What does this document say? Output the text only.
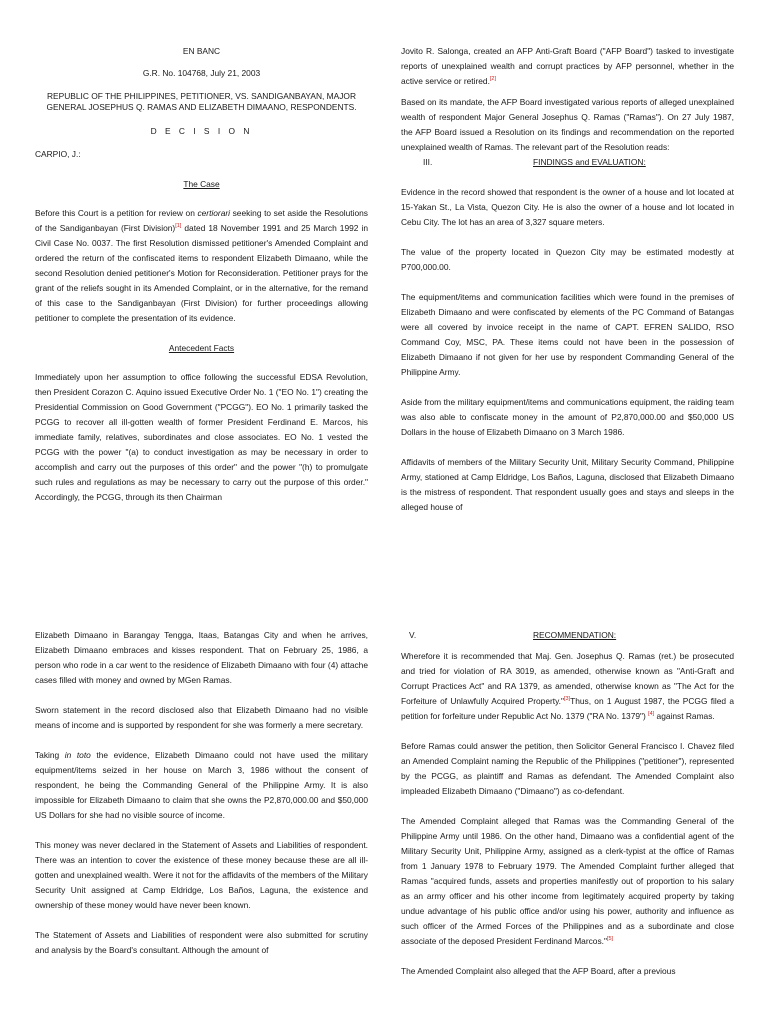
EN BANC

G.R. No. 104768, July 21, 2003

REPUBLIC OF THE PHILIPPINES, PETITIONER, VS. SANDIGANBAYAN, MAJOR GENERAL JOSEPHUS Q. RAMAS AND ELIZABETH DIMAANO, RESPONDENTS.

D E C I S I O N

CARPIO, J.:

The Case

Before this Court is a petition for review on certiorari seeking to set aside the Resolutions of the Sandiganbayan (First Division)[1] dated 18 November 1991 and 25 March 1992 in Civil Case No. 0037. The first Resolution dismissed petitioner's Amended Complaint and ordered the return of the confiscated items to respondent Elizabeth Dimaano, while the second Resolution denied petitioner's Motion for Reconsideration. Petitioner prays for the grant of the reliefs sought in its Amended Complaint, or in the alternative, for the remand of this case to the Sandiganbayan (First Division) for further proceedings allowing petitioner to complete the presentation of its evidence.

Antecedent Facts

Immediately upon her assumption to office following the successful EDSA Revolution, then President Corazon C. Aquino issued Executive Order No. 1 ("EO No. 1") creating the Presidential Commission on Good Government ("PCGG"). EO No. 1 primarily tasked the PCGG to recover all ill-gotten wealth of former President Ferdinand E. Marcos, his immediate family, relatives, subordinates and close associates. EO No. 1 vested the PCGG with the power "(a) to conduct investigation as may be necessary in order to accomplish and carry out the purposes of this order" and the power "(h) to promulgate such rules and regulations as may be necessary to carry out the purpose of this order." Accordingly, the PCGG, through its then Chairman

Jovito R. Salonga, created an AFP Anti-Graft Board ("AFP Board") tasked to investigate reports of unexplained wealth and corrupt practices by AFP personnel, whether in the active service or retired.[2]

Based on its mandate, the AFP Board investigated various reports of alleged unexplained wealth of respondent Major General Josephus Q. Ramas ("Ramas"). On 27 July 1987, the AFP Board issued a Resolution on its findings and recommendation on the reported unexplained wealth of Ramas. The relevant part of the Resolution reads:

III.	FINDINGS and EVALUATION:

Evidence in the record showed that respondent is the owner of a house and lot located at 15-Yakan St., La Vista, Quezon City. He is also the owner of a house and lot located in Cebu City. The lot has an area of 3,327 square meters.

The value of the property located in Quezon City may be estimated modestly at P700,000.00.

The equipment/items and communication facilities which were found in the premises of Elizabeth Dimaano and were confiscated by elements of the PC Command of Batangas were all covered by invoice receipt in the name of CAPT. EFREN SALIDO, RSO Command Coy, MSC, PA. These items could not have been in the possession of Elizabeth Dimaano if not given for her use by respondent Commanding General of the Philippine Army.

Aside from the military equipment/items and communications equipment, the raiding team was also able to confiscate money in the amount of P2,870,000.00 and $50,000 US Dollars in the house of Elizabeth Dimaano on 3 March 1986.

Affidavits of members of the Military Security Unit, Military Security Command, Philippine Army, stationed at Camp Eldridge, Los Baños, Laguna, disclosed that Elizabeth Dimaano is the mistress of respondent. That respondent usually goes and stays and sleeps in the alleged house of

Elizabeth Dimaano in Barangay Tengga, Itaas, Batangas City and when he arrives, Elizabeth Dimaano embraces and kisses respondent. That on February 25, 1986, a person who rode in a car went to the residence of Elizabeth Dimaano with four (4) attache cases filled with money and owned by MGen Ramas.

Sworn statement in the record disclosed also that Elizabeth Dimaano had no visible means of income and is supported by respondent for she was formerly a mere secretary.

Taking in toto the evidence, Elizabeth Dimaano could not have used the military equipment/items seized in her house on March 3, 1986 without the consent of respondent, he being the Commanding General of the Philippine Army. It is also impossible for Elizabeth Dimaano to claim that she owns the P2,870,000.00 and $50,000 US Dollars for she had no visible source of income.

This money was never declared in the Statement of Assets and Liabilities of respondent. There was an intention to cover the existence of these money because these are all ill-gotten and unexplained wealth. Were it not for the affidavits of the members of the Military Security Unit assigned at Camp Eldridge, Los Baños, Laguna, the existence and ownership of these money would have never been known.

The Statement of Assets and Liabilities of respondent were also submitted for scrutiny and analysis by the Board's consultant. Although the amount of

V.	RECOMMENDATION:

Wherefore it is recommended that Maj. Gen. Josephus Q. Ramas (ret.) be prosecuted and tried for violation of RA 3019, as amended, otherwise known as "Anti-Graft and Corrupt Practices Act" and RA 1379, as amended, otherwise known as "The Act for the Forfeiture of Unlawfully Acquired Property."[3]Thus, on 1 August 1987, the PCGG filed a petition for forfeiture under Republic Act No. 1379 ("RA No. 1379") [4] against Ramas.

Before Ramas could answer the petition, then Solicitor General Francisco I. Chavez filed an Amended Complaint naming the Republic of the Philippines ("petitioner"), represented by the PCGG, as plaintiff and Ramas as defendant. The Amended Complaint also impleaded Elizabeth Dimaano ("Dimaano") as co-defendant.

The Amended Complaint alleged that Ramas was the Commanding General of the Philippine Army until 1986. On the other hand, Dimaano was a confidential agent of the Military Security Unit, Philippine Army, assigned as a clerk-typist at the office of Ramas from 1 January 1978 to February 1979. The Amended Complaint further alleged that Ramas "acquired funds, assets and properties manifestly out of proportion to his salary as an army officer and his other income from legitimately acquired property by taking undue advantage of his public office and/or using his power, authority and influence as such officer of the Armed Forces of the Philippines and as a subordinate and close associate of the deposed President Ferdinand Marcos."[5]

The Amended Complaint also alleged that the AFP Board, after a previous
